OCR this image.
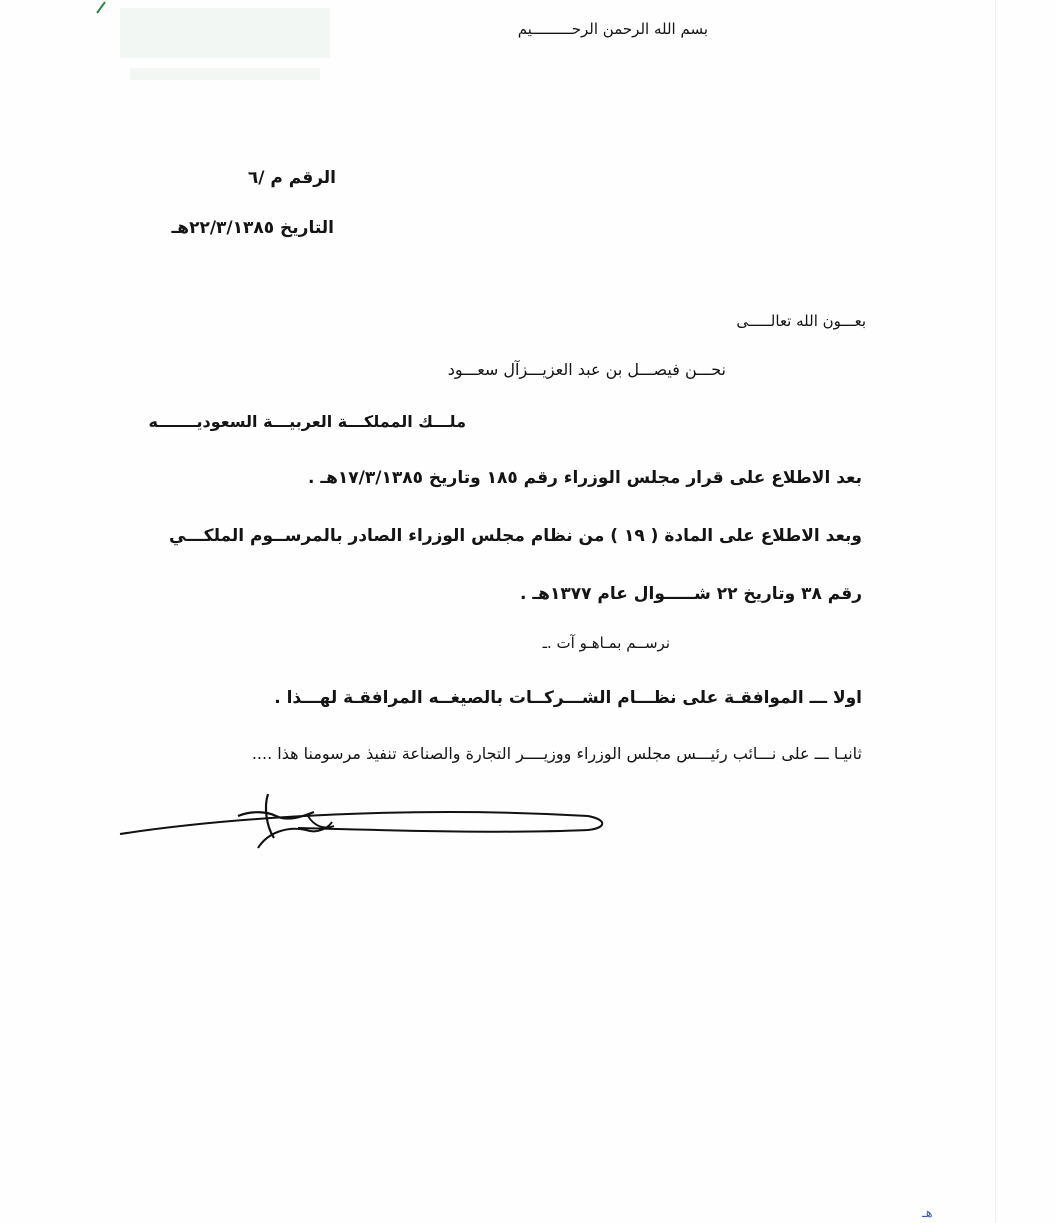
بسم الله الرحمن الرحـــــــــيم
الرقم م /٦
التاريخ ٢٢/٣/١٣٨٥هـ
بعـــون الله تعالـــــى
نحـــن فيصـــل بن عبد العزيـــزآل سعـــود
ملـــك المملكـــة العربيـــة السعوديـــــــه
بعد الاطلاع على قرار مجلس الوزراء رقم ١٨٥ وتاريخ ١٧/٣/١٣٨٥هـ .
وبعد الاطلاع على المادة ( ١٩ ) من نظام مجلس الوزراء الصادر بالمرســوم الملكـــي
رقم ٣٨ وتاريخ ٢٢ شـــــوال عام ١٣٧٧هـ .
نرســم بمـاهـو آت .ـ
اولا ـــ الموافقـة على نظـــام الشـــركــات بالصيغــه المرافقـة لهـــذا .
ثانيـا ـــ على نـــائب رئيـــس مجلس الوزراء ووزيــــر التجارة والصناعة تنفيذ مرسومنا هذا ....
هـ
